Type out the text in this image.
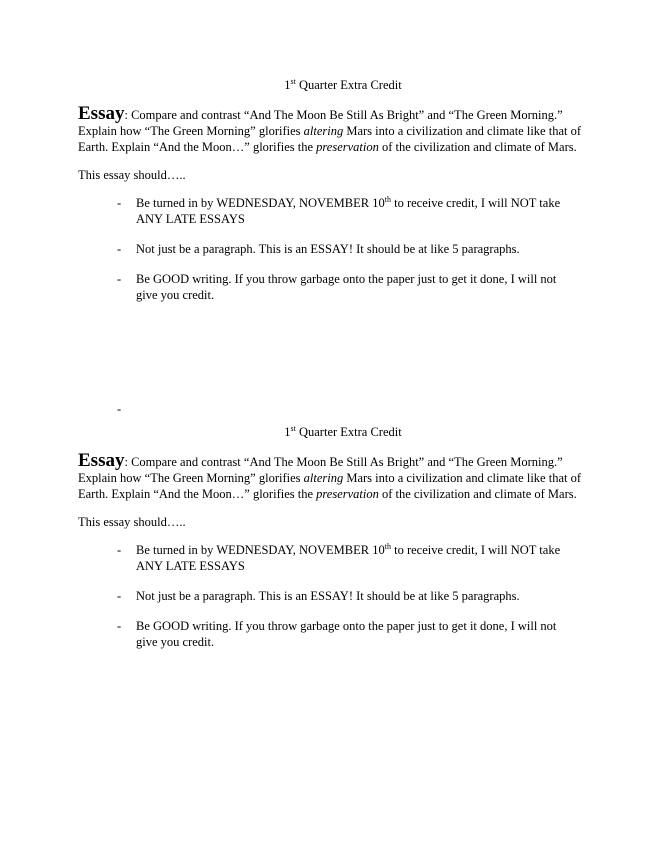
1st Quarter Extra Credit

Essay: Compare and contrast “And The Moon Be Still As Bright” and “The Green Morning.” Explain how “The Green Morning” glorifies altering Mars into a civilization and climate like that of Earth. Explain “And the Moon…” glorifies the preservation of the civilization and climate of Mars.

This essay should…..

- Be turned in by WEDNESDAY, NOVEMBER 10th to receive credit, I will NOT take ANY LATE ESSAYS
- Not just be a paragraph. This is an ESSAY! It should be at like 5 paragraphs.
- Be GOOD writing. If you throw garbage onto the paper just to get it done, I will not give you credit.
-

1st Quarter Extra Credit

Essay: Compare and contrast “And The Moon Be Still As Bright” and “The Green Morning.” Explain how “The Green Morning” glorifies altering Mars into a civilization and climate like that of Earth. Explain “And the Moon…” glorifies the preservation of the civilization and climate of Mars.

This essay should…..

- Be turned in by WEDNESDAY, NOVEMBER 10th to receive credit, I will NOT take ANY LATE ESSAYS
- Not just be a paragraph. This is an ESSAY! It should be at like 5 paragraphs.
- Be GOOD writing. If you throw garbage onto the paper just to get it done, I will not give you credit.
